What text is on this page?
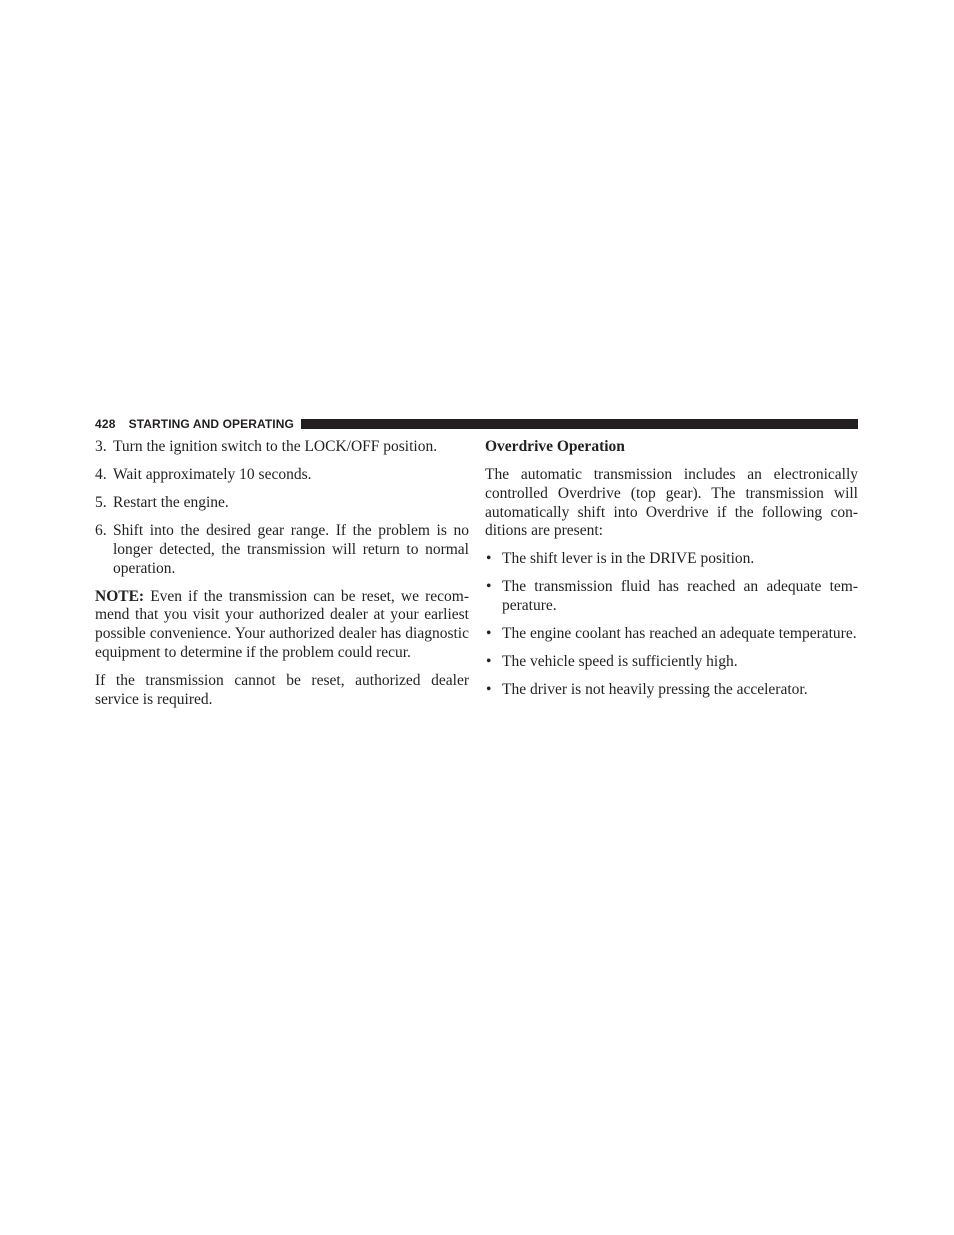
428 STARTING AND OPERATING
3. Turn the ignition switch to the LOCK/OFF position.
4. Wait approximately 10 seconds.
5. Restart the engine.
6. Shift into the desired gear range. If the problem is no longer detected, the transmission will return to normal operation.

NOTE: Even if the transmission can be reset, we recommend that you visit your authorized dealer at your earliest possible convenience. Your authorized dealer has diagnostic equipment to determine if the problem could recur.

If the transmission cannot be reset, authorized dealer service is required.

Overdrive Operation

The automatic transmission includes an electronically controlled Overdrive (top gear). The transmission will automatically shift into Overdrive if the following conditions are present:

• The shift lever is in the DRIVE position.
• The transmission fluid has reached an adequate temperature.
• The engine coolant has reached an adequate temperature.
• The vehicle speed is sufficiently high.
• The driver is not heavily pressing the accelerator.
